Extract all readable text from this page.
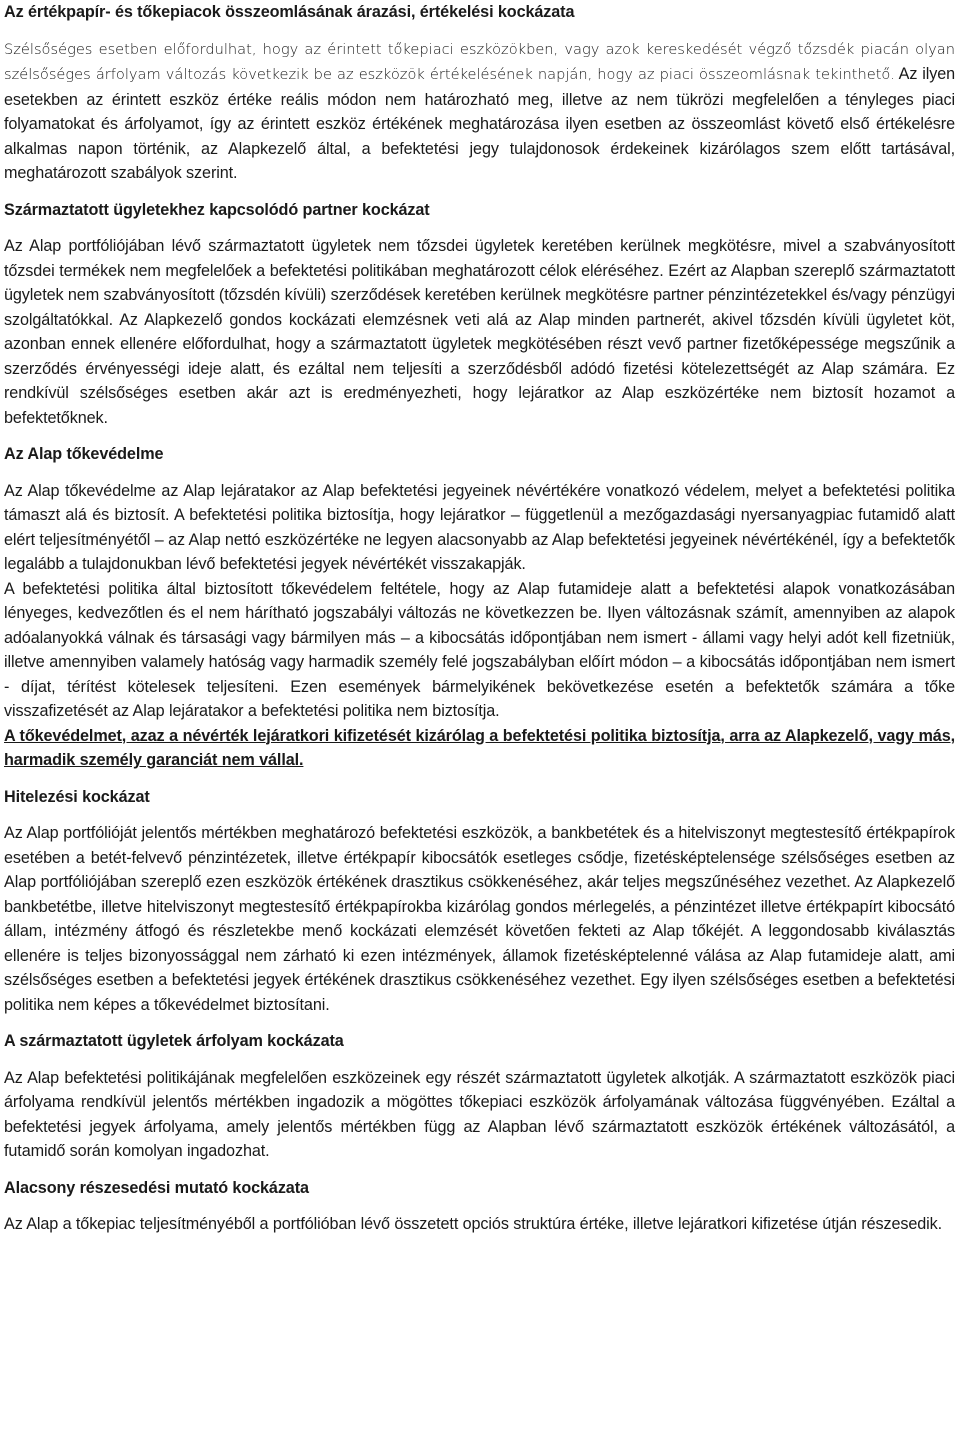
Az értékpapír- és tőkepiacok összeomlásának árazási, értékelési kockázata

Szélsőséges esetben előfordulhat, hogy az érintett tőkepiaci eszközökben, vagy azok kereskedését végző tőzsdék piacán olyan szélsőséges árfolyam változás következik be az eszközök értékelésének napján, hogy az piaci összeomlásnak tekinthető. Az ilyen esetekben az érintett eszköz értéke reális módon nem határozható meg, illetve az nem tükrözi megfelelően a tényleges piaci folyamatokat és árfolyamot, így az érintett eszköz értékének meghatározása ilyen esetben az összeomlást követő első értékelésre alkalmas napon történik, az Alapkezelő által, a befektetési jegy tulajdonosok érdekeinek kizárólagos szem előtt tartásával, meghatározott szabályok szerint.

Származtatott ügyletekhez kapcsolódó partner kockázat

Az Alap portfóliójában lévő származtatott ügyletek nem tőzsdei ügyletek keretében kerülnek megkötésre, mivel a szabványosított tőzsdei termékek nem megfelelőek a befektetési politikában meghatározott célok eléréséhez. Ezért az Alapban szereplő származtatott ügyletek nem szabványosított (tőzsdén kívüli) szerződések keretében kerülnek megkötésre partner pénzintézetekkel és/vagy pénzügyi szolgáltatókkal. Az Alapkezelő gondos kockázati elemzésnek veti alá az Alap minden partnerét, akivel tőzsdén kívüli ügyletet köt, azonban ennek ellenére előfordulhat, hogy a származtatott ügyletek megkötésében részt vevő partner fizetőképessége megszűnik a szerződés érvényességi ideje alatt, és ezáltal nem teljesíti a szerződésből adódó fizetési kötelezettségét az Alap számára. Ez rendkívül szélsőséges esetben akár azt is eredményezheti, hogy lejáratkor az Alap eszközértéke nem biztosít hozamot a befektetőknek.

Az Alap tőkevédelme

Az Alap tőkevédelme az Alap lejáratakor az Alap befektetési jegyeinek névértékére vonatkozó védelem, melyet a befektetési politika támaszt alá és biztosít. A befektetési politika biztosítja, hogy lejáratkor – függetlenül a mezőgazdasági nyersanyagpiac futamidő alatt elért teljesítményétől – az Alap nettó eszközértéke ne legyen alacsonyabb az Alap befektetési jegyeinek névértékénél, így a befektetők legalább a tulajdonukban lévő befektetési jegyek névértékét visszakapják.

A befektetési politika által biztosított tőkevédelem feltétele, hogy az Alap futamideje alatt a befektetési alapok vonatkozásában lényeges, kedvezőtlen és el nem hárítható jogszabályi változás ne következzen be. Ilyen változásnak számít, amennyiben az alapok adóalanyokká válnak és társasági vagy bármilyen más – a kibocsátás időpontjában nem ismert - állami vagy helyi adót kell fizetniük, illetve amennyiben valamely hatóság vagy harmadik személy felé jogszabályban előírt módon – a kibocsátás időpontjában nem ismert - díjat, térítést kötelesek teljesíteni. Ezen események bármelyikének bekövetkezése esetén a befektetők számára a tőke visszafizetését az Alap lejáratakor a befektetési politika nem biztosítja.

A tőkevédelmet, azaz a névérték lejáratkori kifizetését kizárólag a befektetési politika biztosítja, arra az Alapkezelő, vagy más, harmadik személy garanciát nem vállal.

Hitelezési kockázat

Az Alap portfólióját jelentős mértékben meghatározó befektetési eszközök, a bankbetétek és a hitelviszonyt megtestesítő értékpapírok esetében a betét-felvevő pénzintézetek, illetve értékpapír kibocsátók esetleges csődje, fizetésképtelensége szélsőséges esetben az Alap portfóliójában szereplő ezen eszközök értékének drasztikus csökkenéséhez, akár teljes megszűnéséhez vezethet. Az Alapkezelő bankbetétbe, illetve hitelviszonyt megtestesítő értékpapírokba kizárólag gondos mérlegelés, a pénzintézet illetve értékpapírt kibocsátó állam, intézmény átfogó és részletekbe menő kockázati elemzését követően fekteti az Alap tőkéjét. A leggondosabb kiválasztás ellenére is teljes bizonyossággal nem zárható ki ezen intézmények, államok fizetésképtelenné válása az Alap futamideje alatt, ami szélsőséges esetben a befektetési jegyek értékének drasztikus csökkenéséhez vezethet. Egy ilyen szélsőséges esetben a befektetési politika nem képes a tőkevédelmet biztosítani.

A származtatott ügyletek árfolyam kockázata

Az Alap befektetési politikájának megfelelően eszközeinek egy részét származtatott ügyletek alkotják. A származtatott eszközök piaci árfolyama rendkívül jelentős mértékben ingadozik a mögöttes tőkepiaci eszközök árfolyamának változása függvényében. Ezáltal a befektetési jegyek árfolyama, amely jelentős mértékben függ az Alapban lévő származtatott eszközök értékének változásától, a futamidő során komolyan ingadozhat.

Alacsony részesedési mutató kockázata

Az Alap a tőkepiac teljesítményéből a portfólióban lévő összetett opciós struktúra értéke, illetve lejáratkori kifizetése útján részesedik.
